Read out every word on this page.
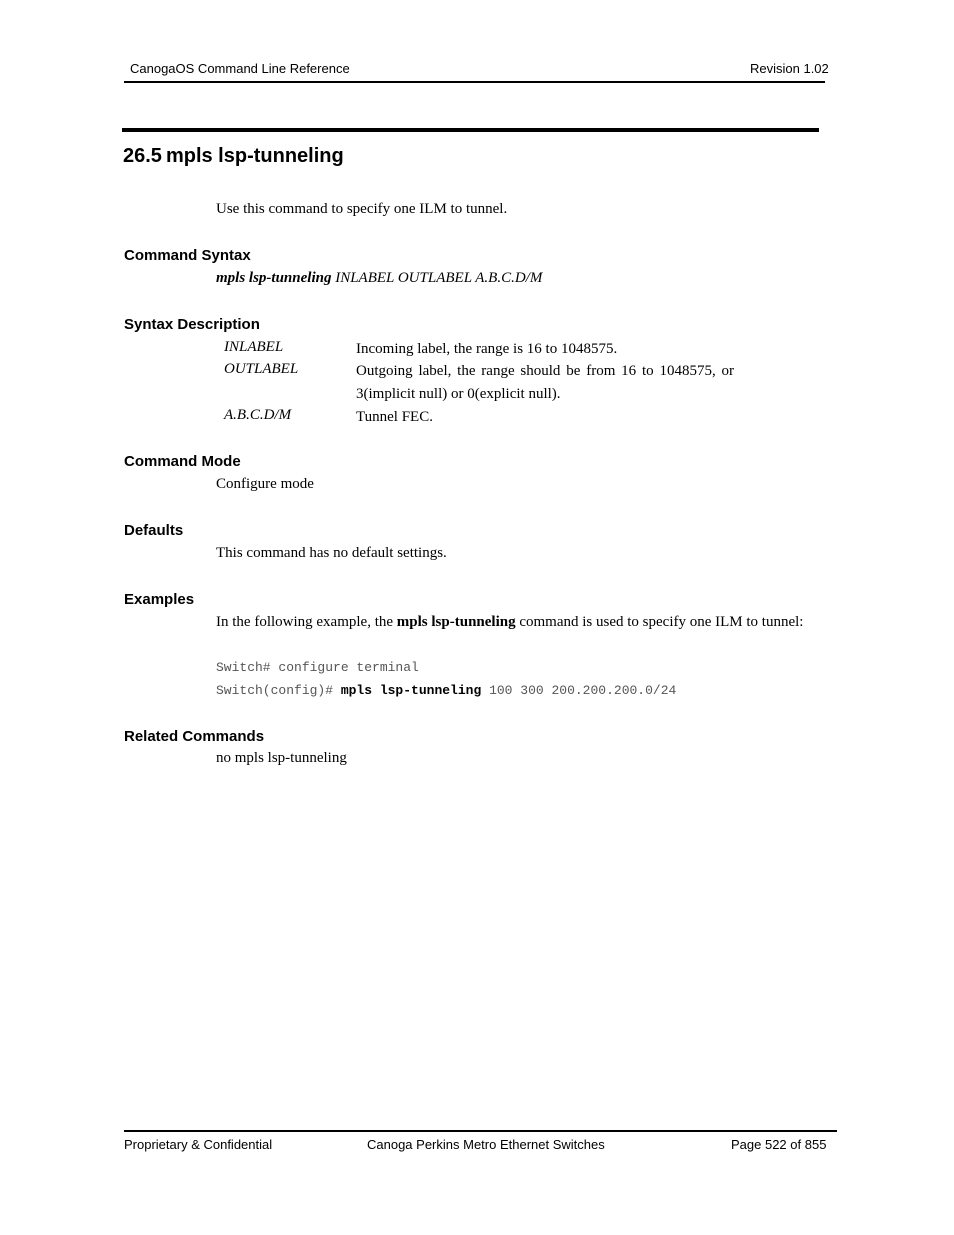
CanogaOS Command Line Reference	Revision 1.02
26.5 mpls lsp-tunneling
Use this command to specify one ILM to tunnel.
Command Syntax
mpls lsp-tunneling INLABEL OUTLABEL A.B.C.D/M
Syntax Description
INLABEL	Incoming label, the range is 16 to 1048575.
OUTLABEL	Outgoing label, the range should be from 16 to 1048575, or 3(implicit null) or 0(explicit null).
A.B.C.D/M	Tunnel FEC.
Command Mode
Configure mode
Defaults
This command has no default settings.
Examples
In the following example, the mpls lsp-tunneling command is used to specify one ILM to tunnel:
Switch# configure terminal
Switch(config)# mpls lsp-tunneling 100 300 200.200.200.0/24
Related Commands
no mpls lsp-tunneling
Proprietary & Confidential	Canoga Perkins Metro Ethernet Switches	Page 522 of 855
